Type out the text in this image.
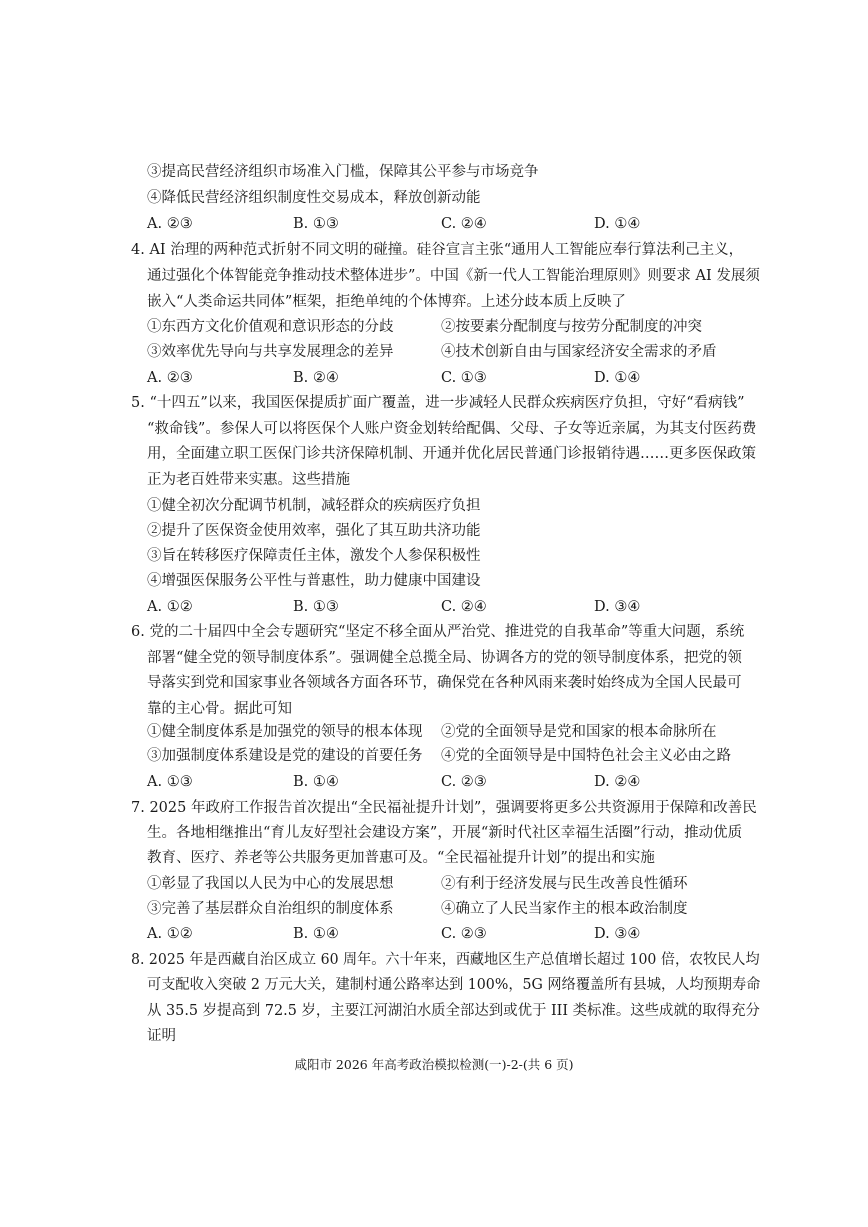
③提高民营经济组织市场准入门槛，保障其公平参与市场竞争
④降低民营经济组织制度性交易成本，释放创新动能
A. ②③	B. ①③	C. ②④	D. ①④
4. AI 治理的两种范式折射不同文明的碰撞。硅谷宣言主张“通用人工智能应奉行算法利己主义，
通过强化个体智能竞争推动技术整体进步”。中国《新一代人工智能治理原则》则要求 AI 发展须
嵌入“人类命运共同体”框架，拒绝单纯的个体博弈。上述分歧本质上反映了
①东西方文化价值观和意识形态的分歧	②按要素分配制度与按劳分配制度的冲突
③效率优先导向与共享发展理念的差异	④技术创新自由与国家经济安全需求的矛盾
A. ②③	B. ②④	C. ①③	D. ①④
5. “十四五”以来，我国医保提质扩面广覆盖，进一步减轻人民群众疾病医疗负担，守好“看病钱”
“救命钱”。参保人可以将医保个人账户资金划转给配偶、父母、子女等近亲属，为其支付医药费
用，全面建立职工医保门诊共济保障机制、开通并优化居民普通门诊报销待遇……更多医保政策
正为老百姓带来实惠。这些措施
①健全初次分配调节机制，减轻群众的疾病医疗负担
②提升了医保资金使用效率，强化了其互助共济功能
③旨在转移医疗保障责任主体，激发个人参保积极性
④增强医保服务公平性与普惠性，助力健康中国建设
A. ①②	B. ①③	C. ②④	D. ③④
6. 党的二十届四中全会专题研究“坚定不移全面从严治党、推进党的自我革命”等重大问题，系统
部署“健全党的领导制度体系”。强调健全总揽全局、协调各方的党的领导制度体系，把党的领
导落实到党和国家事业各领域各方面各环节，确保党在各种风雨来袭时始终成为全国人民最可
靠的主心骨。据此可知
①健全制度体系是加强党的领导的根本体现 ②党的全面领导是党和国家的根本命脉所在
③加强制度体系建设是党的建设的首要任务 ④党的全面领导是中国特色社会主义必由之路
A. ①③	B. ①④	C. ②③	D. ②④
7. 2025 年政府工作报告首次提出“全民福祉提升计划”，强调要将更多公共资源用于保障和改善民
生。各地相继推出“育儿友好型社会建设方案”，开展“新时代社区幸福生活圈”行动，推动优质
教育、医疗、养老等公共服务更加普惠可及。“全民福祉提升计划”的提出和实施
①彰显了我国以人民为中心的发展思想	②有利于经济发展与民生改善良性循环
③完善了基层群众自治组织的制度体系	④确立了人民当家作主的根本政治制度
A. ①②	B. ①④	C. ②③	D. ③④
8. 2025 年是西藏自治区成立 60 周年。六十年来，西藏地区生产总值增长超过 100 倍，农牧民人均
可支配收入突破 2 万元大关，建制村通公路率达到 100%，5G 网络覆盖所有县城，人均预期寿命
从 35.5 岁提高到 72.5 岁，主要江河湖泊水质全部达到或优于 III 类标准。这些成就的取得充分
证明
咸阳市 2026 年高考政治模拟检测(一)-2-(共 6 页)
